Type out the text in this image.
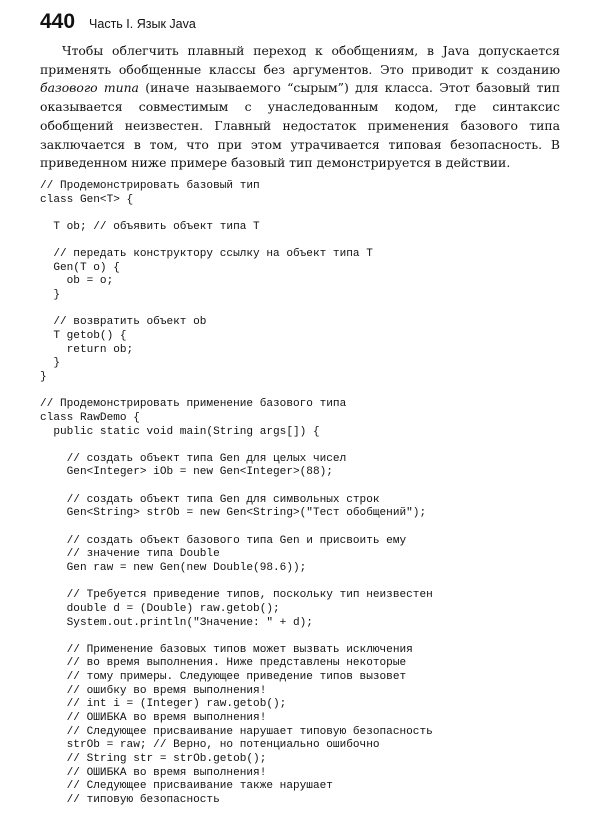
440 Часть I. Язык Java

Чтобы облегчить плавный переход к обобщениям, в Java допускается применять обобщенные классы без аргументов. Это приводит к созданию базового типа (иначе называемого “сырым”) для класса. Этот базовый тип оказывается совместимым с унаследованным кодом, где синтаксис обобщений неизвестен. Главный недостаток применения базового типа заключается в том, что при этом утрачивается типовая безопасность. В приведенном ниже примере базовый тип демонстрируется в действии.

// Продемонстрировать базовый тип
class Gen<T> {
T ob; // объявить объект типа T
// передать конструктору ссылку на объект типа T
Gen(T o) {
ob = o;
}
// возвратить объект ob
T getob() {
return ob;
}
}
// Продемонстрировать применение базового типа
class RawDemo {
public static void main(String args[]) {
// создать объект типа Gen для целых чисел
Gen<Integer> iOb = new Gen<Integer>(88);
// создать объект типа Gen для символьных строк
Gen<String> strOb = new Gen<String>("Тест обобщений");
// создать объект базового типа Gen и присвоить ему
// значение типа Double
Gen raw = new Gen(new Double(98.6));
// Требуется приведение типов, поскольку тип неизвестен
double d = (Double) raw.getob();
System.out.println("Значение: " + d);
// Применение базовых типов может вызвать исключения
// во время выполнения. Ниже представлены некоторые
// тому примеры. Следующее приведение типов вызовет
// ошибку во время выполнения!
// int i = (Integer) raw.getob();
// ОШИБКА во время выполнения!
// Следующее присваивание нарушает типовую безопасность
strOb = raw; // Верно, но потенциально ошибочно
// String str = strOb.getob();
// ОШИБКА во время выполнения!
// Следующее присваивание также нарушает
// типовую безопасность
